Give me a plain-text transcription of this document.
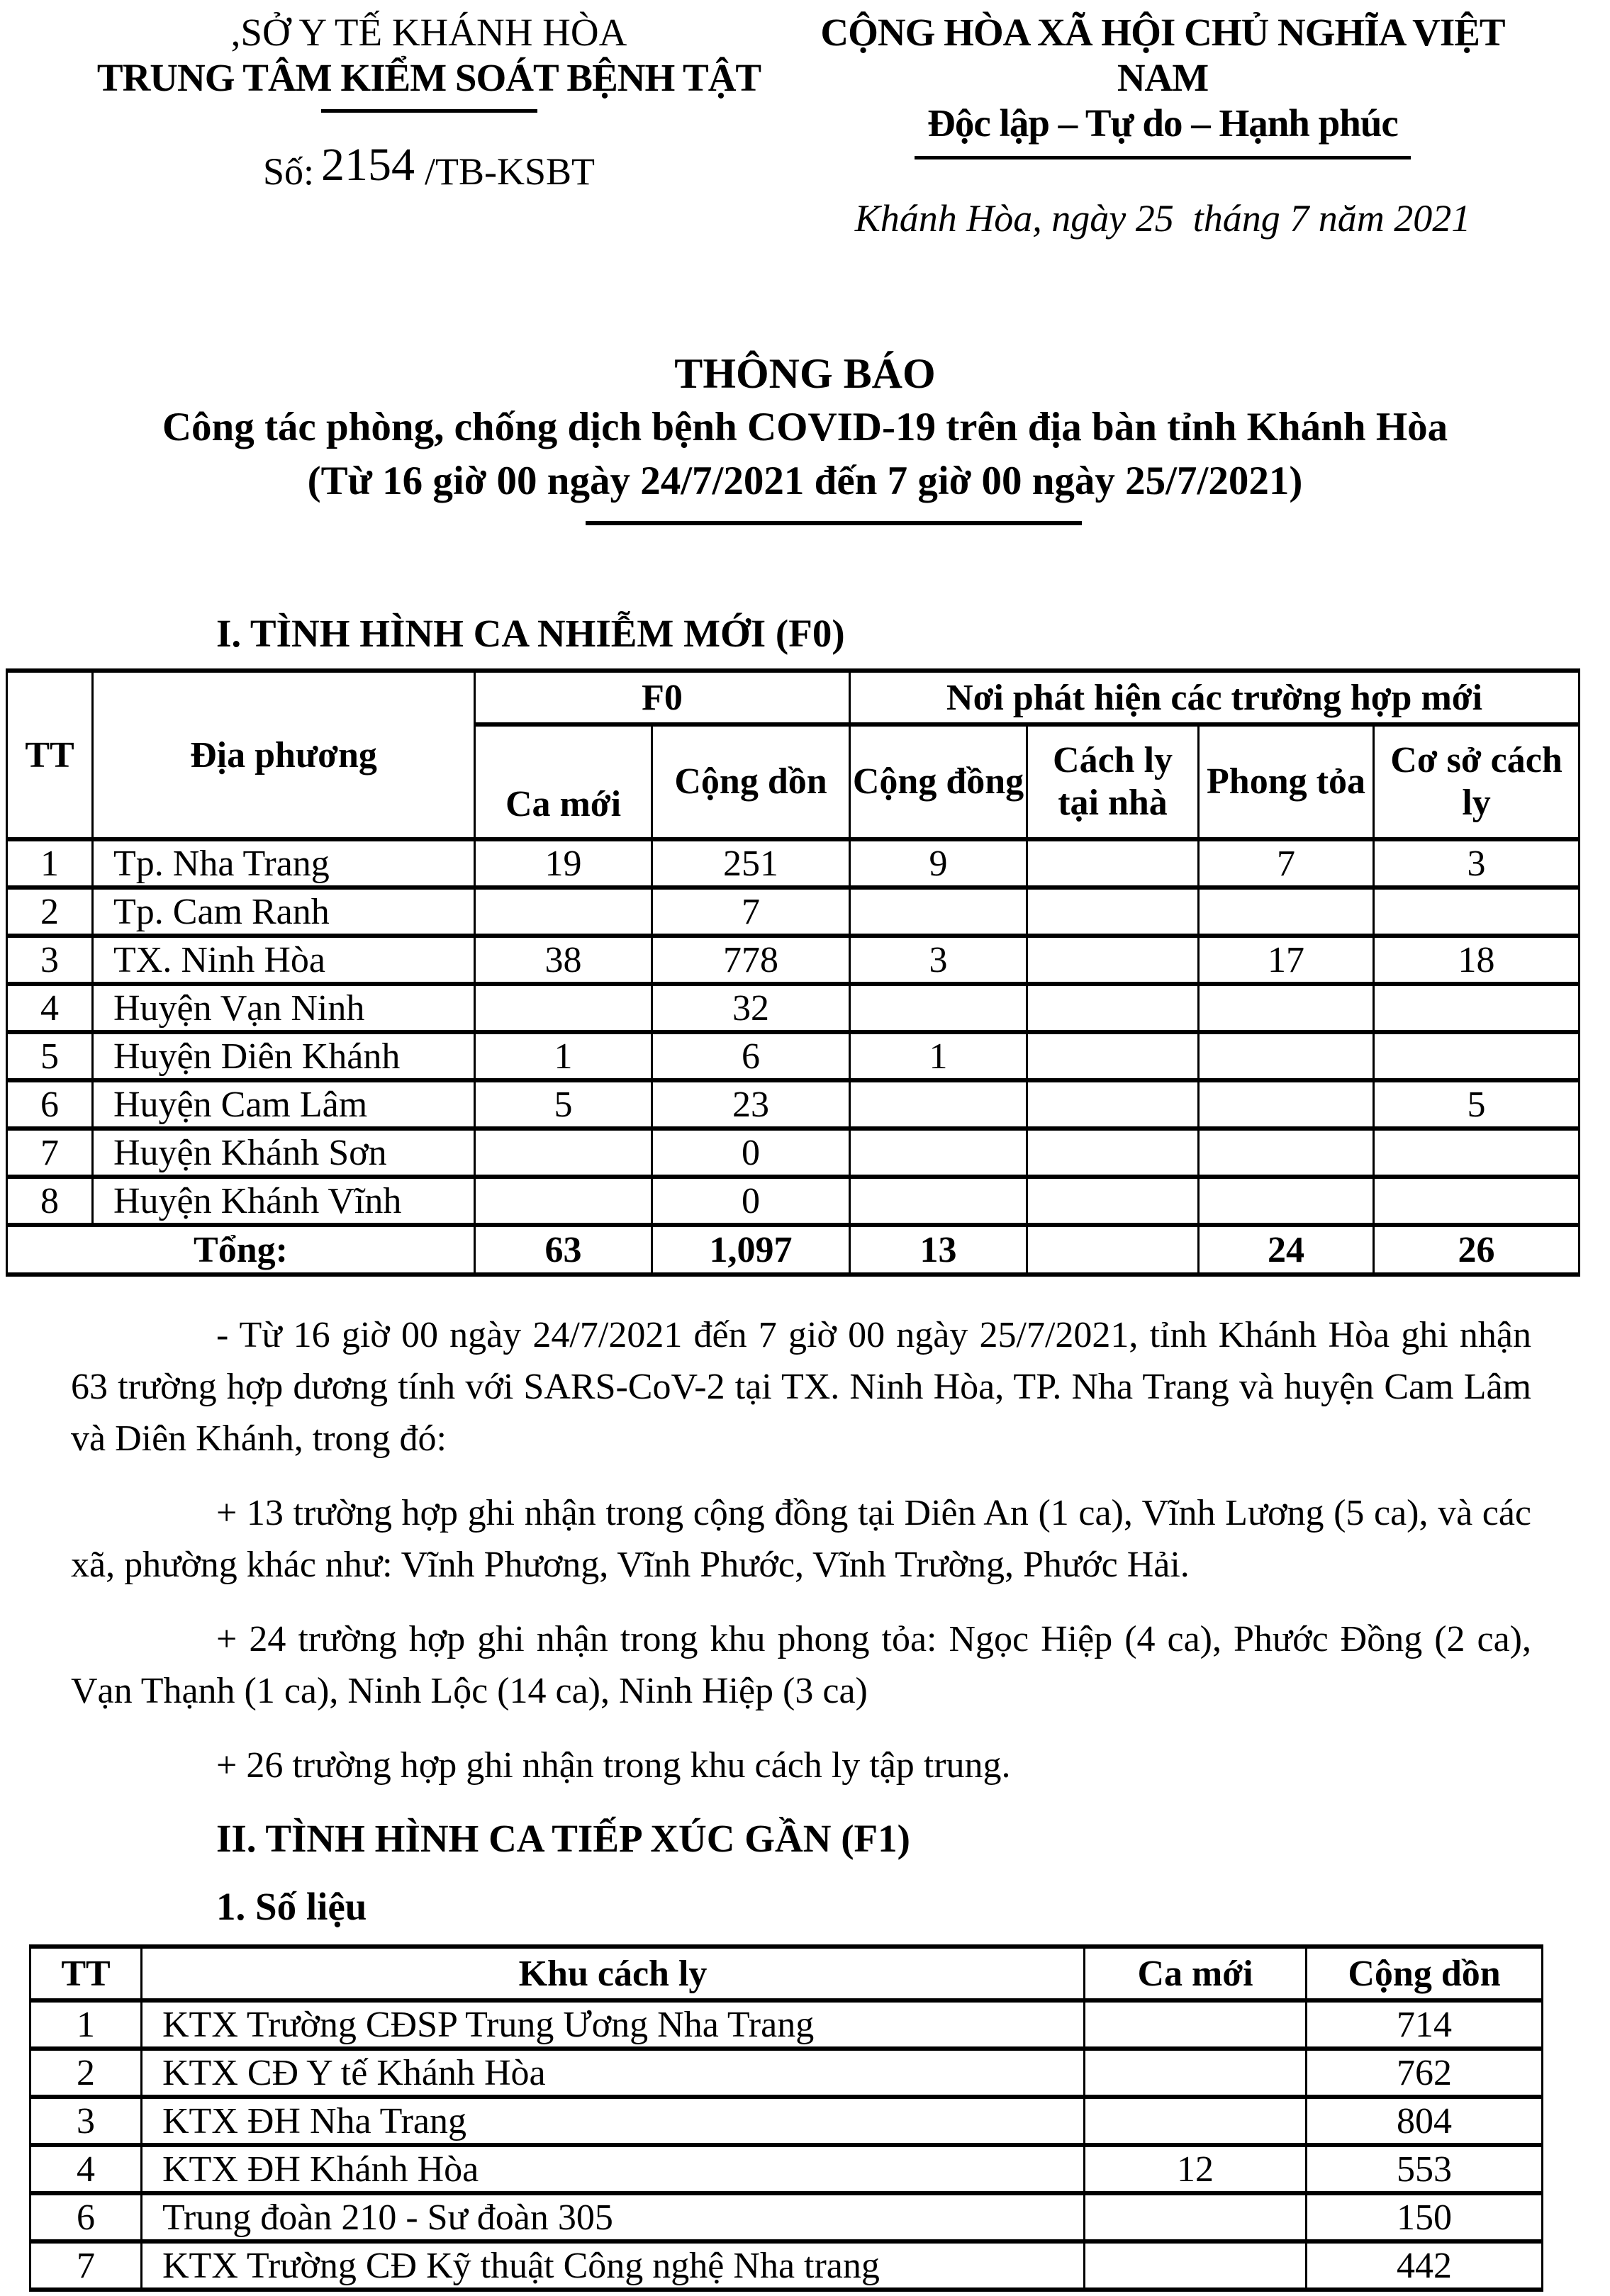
,SỞ Y TẾ KHÁNH HÒA
TRUNG TÂM KIỂM SOÁT BỆNH TẬT
Số: 2154 /TB-KSBT
CỘNG HÒA XÃ HỘI CHỦ NGHĨA VIỆT NAM
Độc lập – Tự do – Hạnh phúc
Khánh Hòa, ngày 25  tháng 7 năm 2021
THÔNG BÁO
Công tác phòng, chống dịch bệnh COVID-19 trên địa bàn tỉnh Khánh Hòa
(Từ 16 giờ 00 ngày 24/7/2021 đến 7 giờ 00 ngày 25/7/2021)
I. TÌNH HÌNH CA NHIỄM MỚI (F0)
TT	Địa phương	F0		Nơi phát hiện các trường hợp mới			
		Ca mới	Cộng dồn	Cộng đồng	Cách ly tại nhà	Phong tỏa	Cơ sở cách ly
1	Tp. Nha Trang	19	251	9		7	3
2	Tp. Cam Ranh		7				
3	TX. Ninh Hòa	38	778	3		17	18
4	Huyện Vạn Ninh		32				
5	Huyện Diên Khánh	1	6	1			
6	Huyện Cam Lâm	5	23				5
7	Huyện Khánh Sơn		0				
8	Huyện Khánh Vĩnh		0				
Tổng:		63	1,097	13		24	26
- Từ 16 giờ 00 ngày 24/7/2021 đến 7 giờ 00 ngày 25/7/2021, tỉnh Khánh Hòa ghi nhận 63 trường hợp dương tính với SARS-CoV-2 tại TX. Ninh Hòa, TP. Nha Trang và huyện Cam Lâm và Diên Khánh, trong đó:
+ 13 trường hợp ghi nhận trong cộng đồng tại Diên An (1 ca), Vĩnh Lương (5 ca), và các xã, phường khác như: Vĩnh Phương, Vĩnh Phước, Vĩnh Trường, Phước Hải.
+ 24 trường hợp ghi nhận trong khu phong tỏa: Ngọc Hiệp (4 ca), Phước Đồng (2 ca), Vạn Thạnh (1 ca), Ninh Lộc (14 ca), Ninh Hiệp (3 ca)
+ 26 trường hợp ghi nhận trong khu cách ly tập trung.
II. TÌNH HÌNH CA TIẾP XÚC GẦN (F1)
1. Số liệu
TT	Khu cách ly	Ca mới	Cộng dồn
1	KTX Trường CĐSP Trung Ương Nha Trang		714
2	KTX CĐ Y tế Khánh Hòa		762
3	KTX ĐH Nha Trang		804
4	KTX ĐH Khánh Hòa	12	553
6	Trung đoàn 210 - Sư đoàn 305		150
7	KTX Trường CĐ Kỹ thuật Công nghệ Nha trang		442
